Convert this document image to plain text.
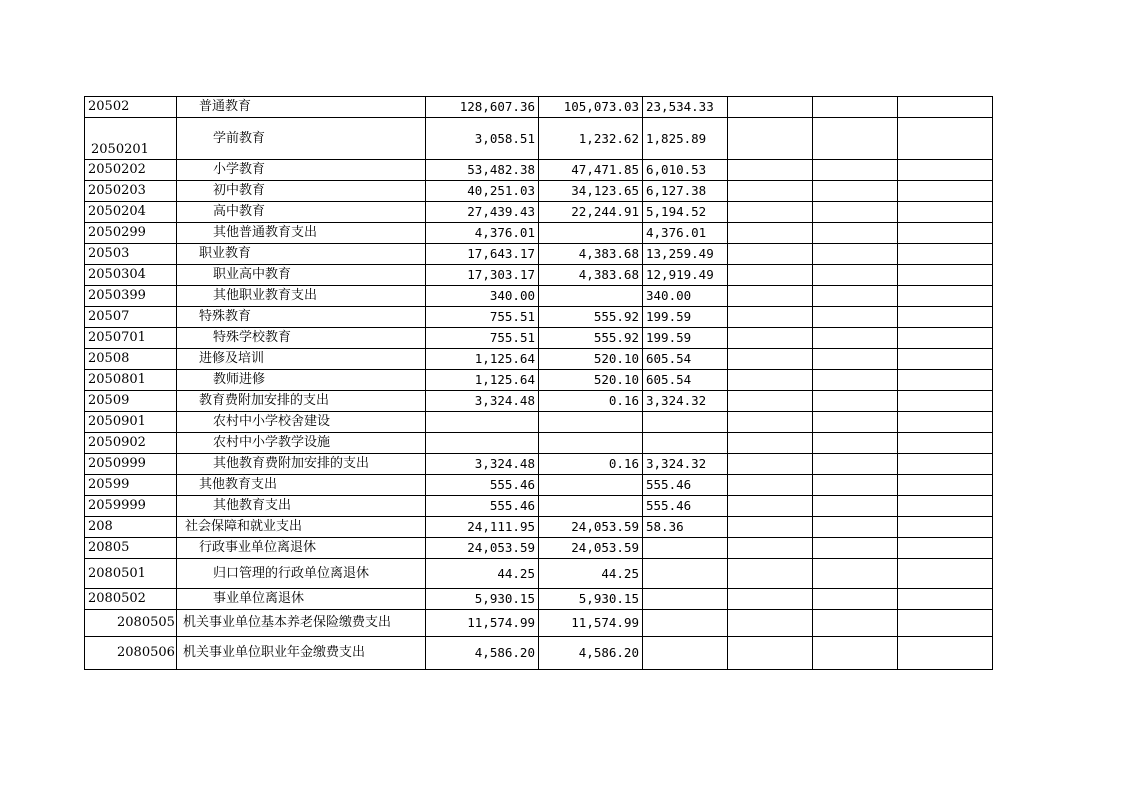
20502	普通教育	128,607.36	105,073.03	23,534.33			
2050201	学前教育	3,058.51	1,232.62	1,825.89			
2050202	小学教育	53,482.38	47,471.85	6,010.53			
2050203	初中教育	40,251.03	34,123.65	6,127.38			
2050204	高中教育	27,439.43	22,244.91	5,194.52			
2050299	其他普通教育支出	4,376.01		4,376.01			
20503	职业教育	17,643.17	4,383.68	13,259.49			
2050304	职业高中教育	17,303.17	4,383.68	12,919.49			
2050399	其他职业教育支出	340.00		340.00			
20507	特殊教育	755.51	555.92	199.59			
2050701	特殊学校教育	755.51	555.92	199.59			
20508	进修及培训	1,125.64	520.10	605.54			
2050801	教师进修	1,125.64	520.10	605.54			
20509	教育费附加安排的支出	3,324.48	0.16	3,324.32			
2050901	农村中小学校舍建设						
2050902	农村中小学教学设施						
2050999	其他教育费附加安排的支出	3,324.48	0.16	3,324.32			
20599	其他教育支出	555.46		555.46			
2059999	其他教育支出	555.46		555.46			
208	社会保障和就业支出	24,111.95	24,053.59	58.36			
20805	行政事业单位离退休	24,053.59	24,053.59				
2080501	归口管理的行政单位离退休	44.25	44.25				
2080502	事业单位离退休	5,930.15	5,930.15				
2080505	机关事业单位基本养老保险缴费支出	11,574.99	11,574.99				
2080506	机关事业单位职业年金缴费支出	4,586.20	4,586.20				
